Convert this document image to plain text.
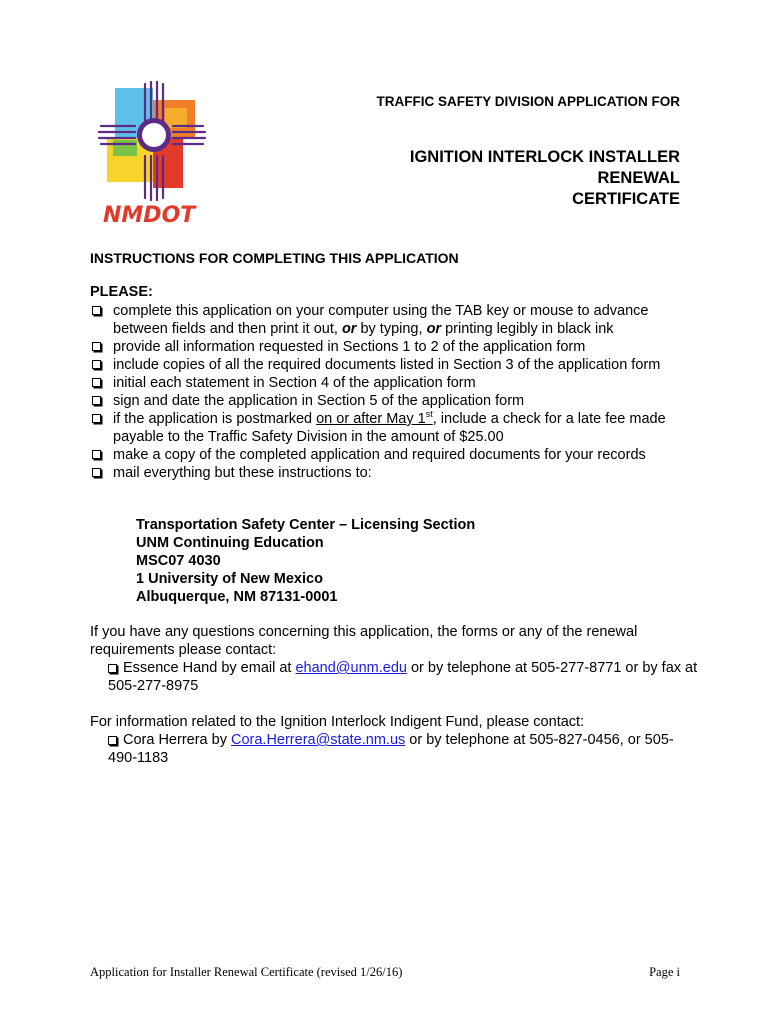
NMDOT
TRAFFIC SAFETY DIVISION APPLICATION FOR
IGNITION INTERLOCK INSTALLER
RENEWAL
CERTIFICATE
INSTRUCTIONS FOR COMPLETING THIS APPLICATION
PLEASE:
complete this application on your computer using the TAB key or mouse to advance between fields and then print it out, or by typing, or printing legibly in black ink
provide all information requested in Sections 1 to 2 of the application form
include copies of all the required documents listed in Section 3 of the application form
initial each statement in Section 4 of the application form
sign and date the application in Section 5 of the application form
if the application is postmarked on or after May 1st, include a check for a late fee made payable to the Traffic Safety Division in the amount of $25.00
make a copy of the completed application and required documents for your records
mail everything but these instructions to:
Transportation Safety Center – Licensing Section
UNM Continuing Education
MSC07 4030
1 University of New Mexico
Albuquerque, NM 87131-0001
If you have any questions concerning this application, the forms or any of the renewal requirements please contact:
Essence Hand by email at ehand@unm.edu or by telephone at 505-277-8771 or by fax at 505-277-8975
For information related to the Ignition Interlock Indigent Fund, please contact:
Cora Herrera by Cora.Herrera@state.nm.us or by telephone at 505-827-0456, or 505-490-1183
Application for Installer Renewal Certificate (revised 1/26/16)	Page i
